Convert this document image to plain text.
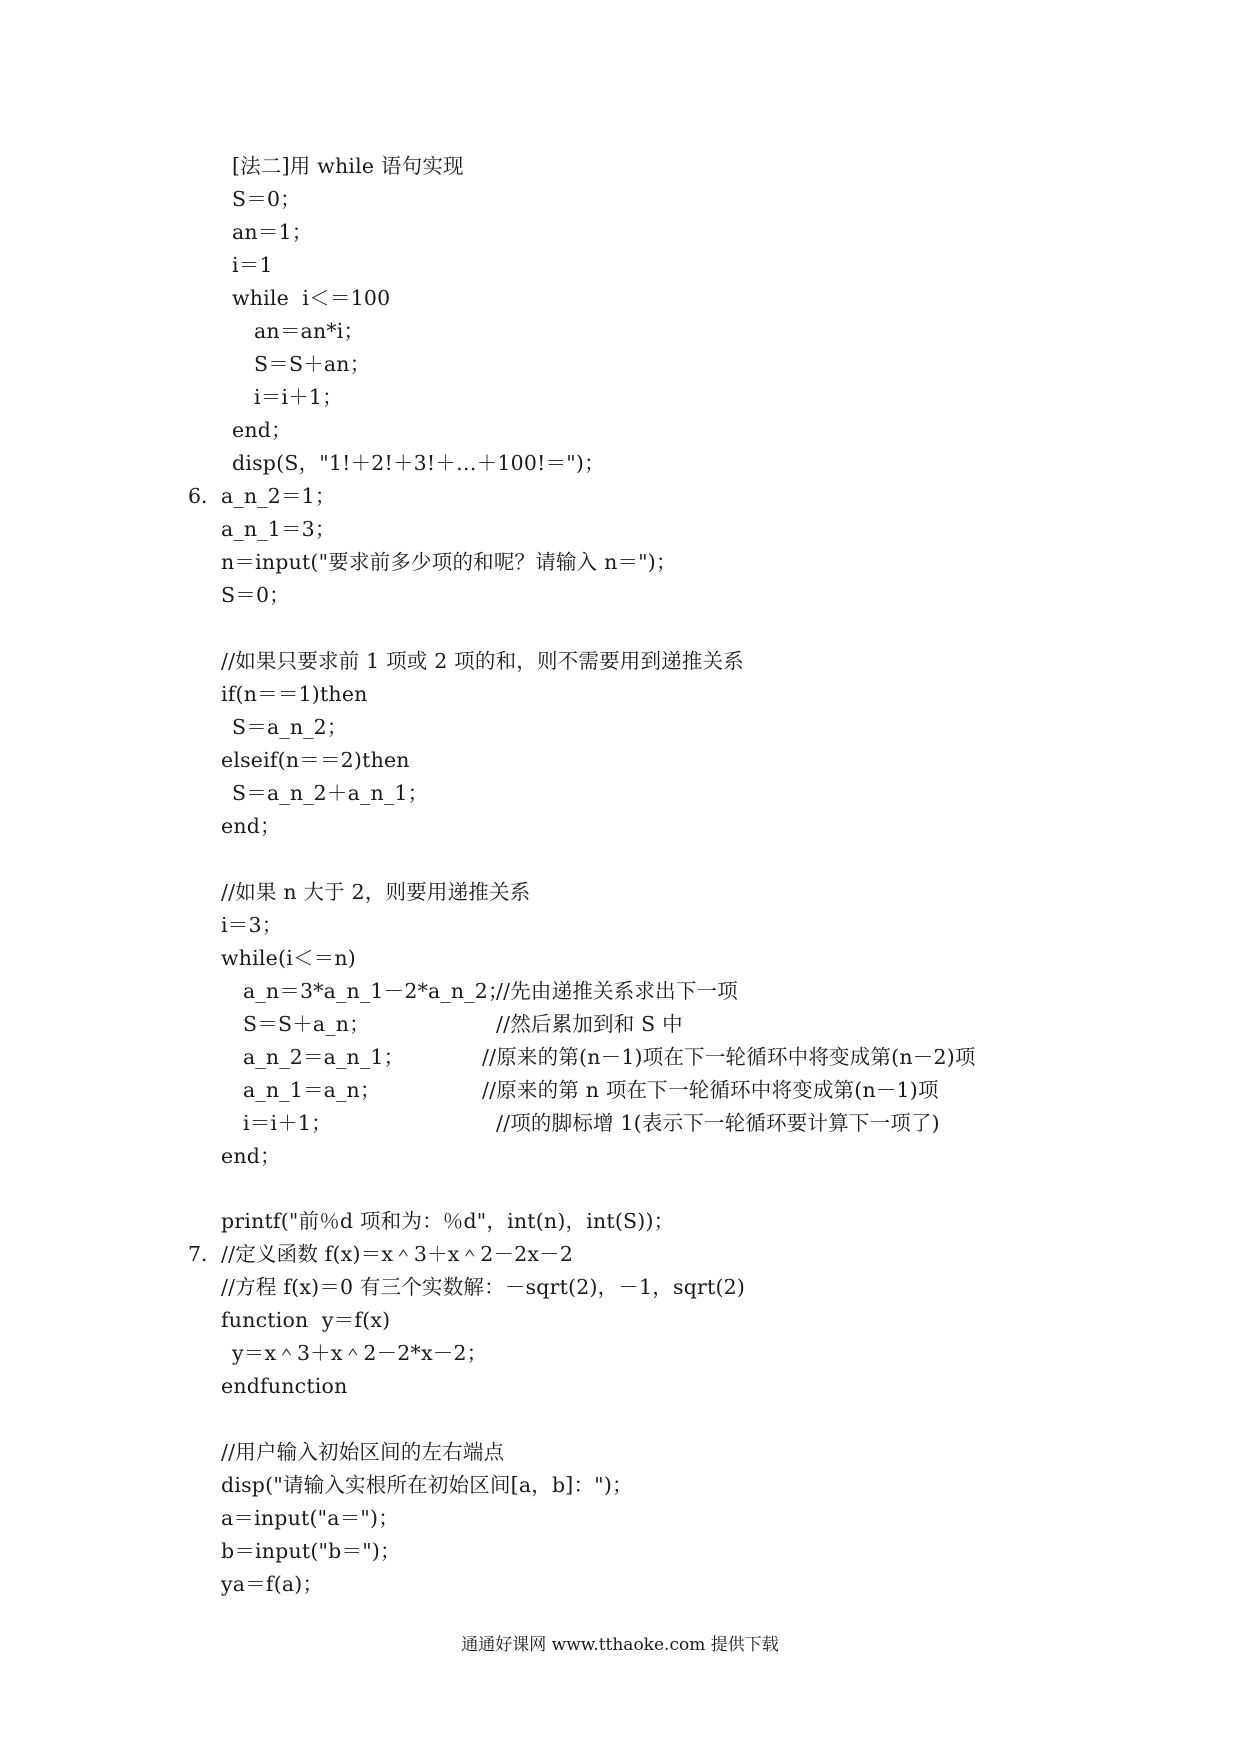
[法二]用 while 语句实现
S＝0；
an＝1；
i＝1
while  i＜＝100
an＝an*i；
S＝S＋an；
i＝i＋1；
end；
disp(S，"1!＋2!＋3!＋…＋100!＝")；
6． a_n_2＝1；
a_n_1＝3；
n＝input("要求前多少项的和呢？请输入 n＝")；
S＝0；
//如果只要求前 1 项或 2 项的和，则不需要用到递推关系
if(n＝＝1)then
S＝a_n_2；
elseif(n＝＝2)then
S＝a_n_2＋a_n_1；
end；
//如果 n 大于 2，则要用递推关系
i＝3；
while(i＜＝n)
a_n＝3*a_n_1－2*a_n_2；
//先由递推关系求出下一项
S＝S＋a_n；	//然后累加到和 S 中
a_n_2＝a_n_1；	//原来的第(n－1)项在下一轮循环中将变成第(n－2)项
a_n_1＝a_n；	//原来的第 n 项在下一轮循环中将变成第(n－1)项
i＝i＋1；	//项的脚标增 1(表示下一轮循环要计算下一项了)
end；
printf("前％d 项和为：％d"，int(n)，int(S))；
7． //定义函数 f(x)＝x＾3＋x＾2－2x－2
//方程 f(x)＝0 有三个实数解：－sqrt(2)，－1，sqrt(2)
function  y＝f(x)
y＝x＾3＋x＾2－2*x－2；
endfunction
//用户输入初始区间的左右端点
disp("请输入实根所在初始区间[a，b]：")；
a＝input("a＝")；
b＝input("b＝")；
ya＝f(a)；
通通好课网 www.tthaoke.com 提供下载
